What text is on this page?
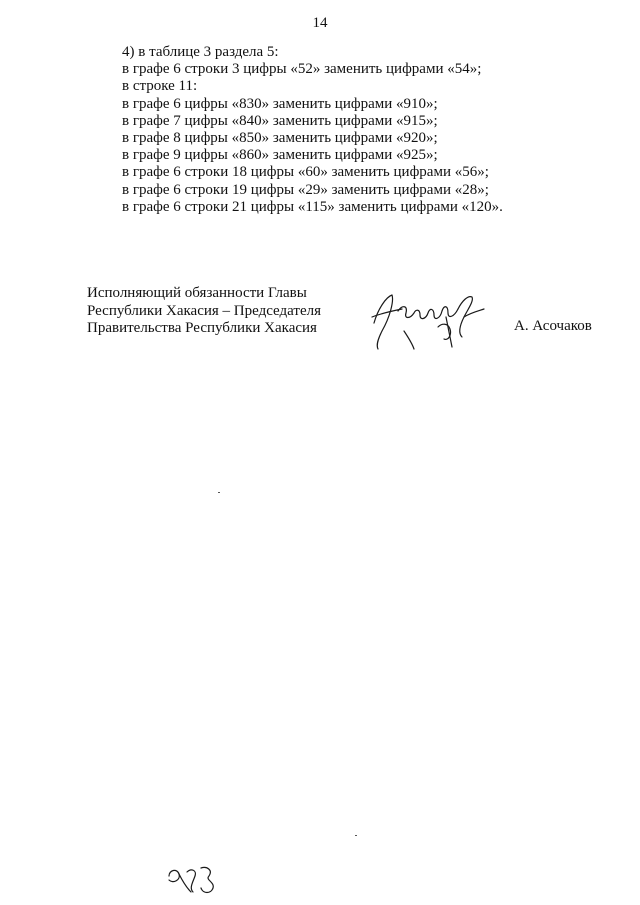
14
4) в таблице 3 раздела 5:
в графе 6 строки 3 цифры «52» заменить цифрами «54»;
в строке 11:
в графе 6 цифры «830» заменить цифрами «910»;
в графе 7 цифры «840» заменить цифрами «915»;
в графе 8 цифры «850» заменить цифрами «920»;
в графе 9 цифры «860» заменить цифрами «925»;
в графе 6 строки 18 цифры «60» заменить цифрами «56»;
в графе 6 строки 19 цифры «29» заменить цифрами «28»;
в графе 6 строки 21 цифры «115» заменить цифрами «120».
Исполняющий обязанности Главы
Республики Хакасия – Председателя
Правительства Республики Хакасия	А. Асочаков
